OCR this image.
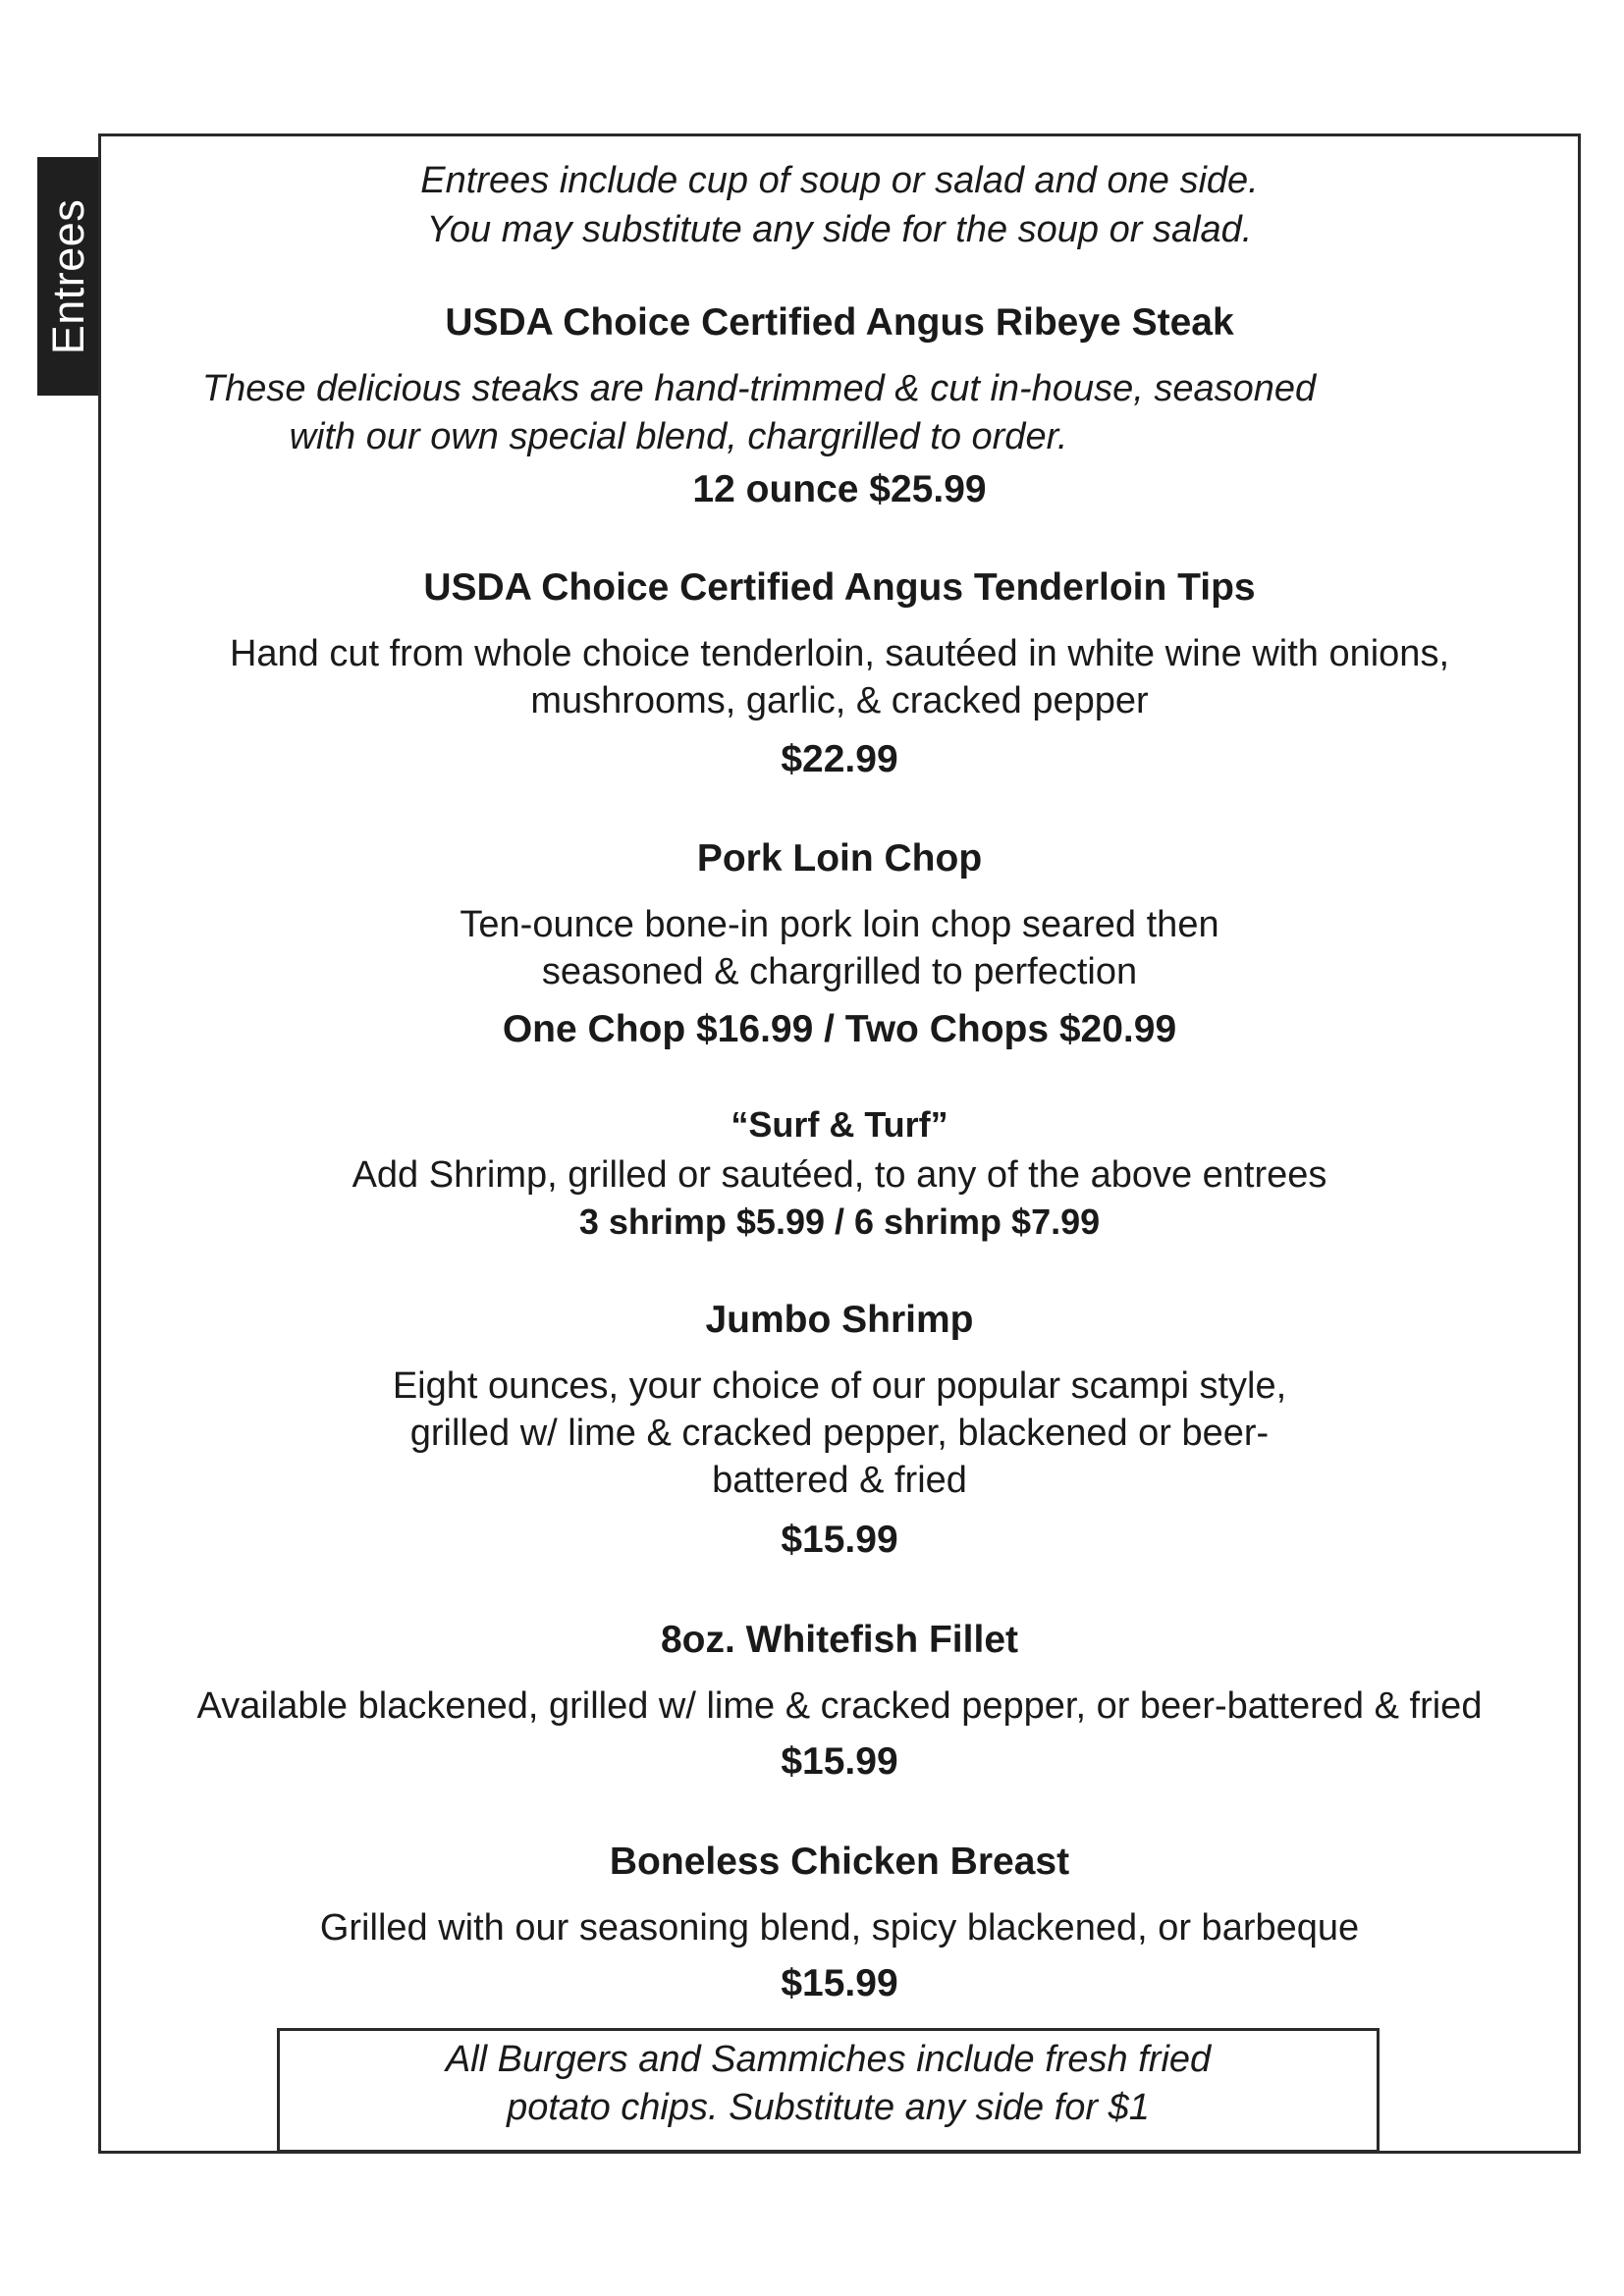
Entrees
Entrees include cup of soup or salad and one side.
You may substitute any side for the soup or salad.
USDA Choice Certified Angus Ribeye Steak
These delicious steaks are hand-trimmed & cut in-house, seasoned
with our own special blend, chargrilled to order.
12 ounce $25.99
USDA Choice Certified Angus Tenderloin Tips
Hand cut from whole choice tenderloin, sautéed in white wine with onions,
mushrooms, garlic, & cracked pepper
$22.99
Pork Loin Chop
Ten-ounce bone-in pork loin chop seared then
seasoned & chargrilled to perfection
One Chop $16.99 / Two Chops $20.99
“Surf & Turf”
Add Shrimp, grilled or sautéed, to any of the above entrees
3 shrimp $5.99 / 6 shrimp $7.99
Jumbo Shrimp
Eight ounces, your choice of our popular scampi style,
grilled w/ lime & cracked pepper, blackened or beer-
battered & fried
$15.99
8oz. Whitefish Fillet
Available blackened, grilled w/ lime & cracked pepper, or beer-battered & fried
$15.99
Boneless Chicken Breast
Grilled with our seasoning blend, spicy blackened, or barbeque
$15.99
All Burgers and Sammiches include fresh fried
potato chips. Substitute any side for $1
